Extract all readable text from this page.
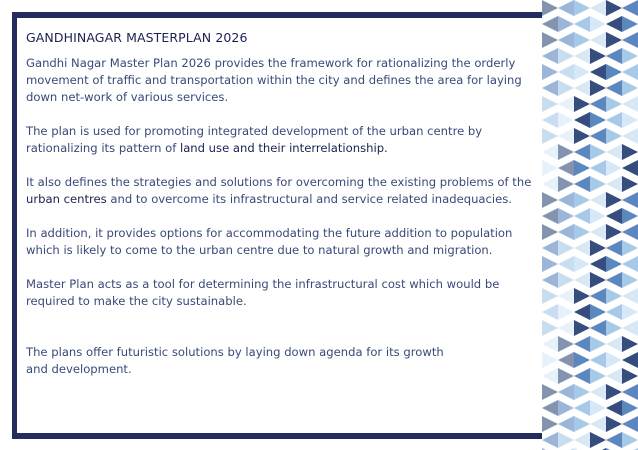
GANDHINAGAR MASTERPLAN 2026

Gandhi Nagar Master Plan 2026 provides the framework for rationalizing the orderly movement of traffic and transportation within the city and defines the area for laying down net-work of various services.

The plan is used for promoting integrated development of the urban centre by rationalizing its pattern of land use and their interrelationship.

It also defines the strategies and solutions for overcoming the existing problems of the urban centres and to overcome its infrastructural and service related inadequacies.

In addition, it provides options for accommodating the future addition to population which is likely to come to the urban centre due to natural growth and migration.

Master Plan acts as a tool for determining the infrastructural cost which would be required to make the city sustainable.

The plans offer futuristic solutions by laying down agenda for its growth
and development.
